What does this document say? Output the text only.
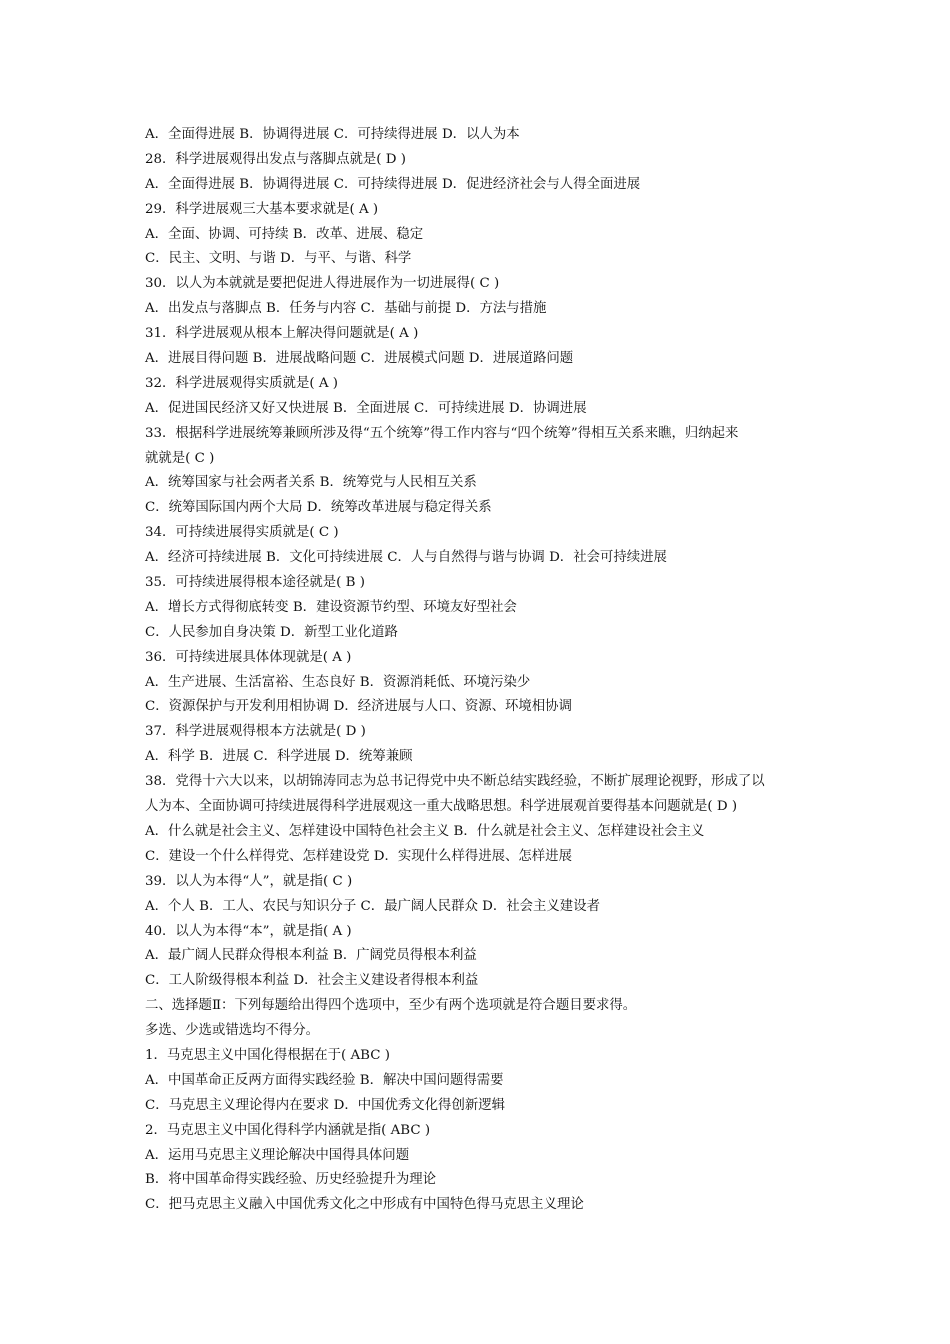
A．全面得进展 B．协调得进展 C．可持续得进展 D．以人为本
28．科学进展观得出发点与落脚点就是( D )
A．全面得进展 B．协调得进展 C．可持续得进展 D．促进经济社会与人得全面进展
29．科学进展观三大基本要求就是( A )
A．全面、协调、可持续 B．改革、进展、稳定
C．民主、文明、与谐 D．与平、与谐、科学
30．以人为本就就是要把促进人得进展作为一切进展得( C )
A．出发点与落脚点 B．任务与内容 C．基础与前提 D．方法与措施
31．科学进展观从根本上解决得问题就是( A )
A．进展目得问题 B．进展战略问题 C．进展模式问题 D．进展道路问题
32．科学进展观得实质就是( A )
A．促进国民经济又好又快进展 B．全面进展 C．可持续进展 D．协调进展
33．根据科学进展统筹兼顾所涉及得“五个统筹”得工作内容与“四个统筹”得相互关系来瞧，归纳起来
就就是( C )
A．统筹国家与社会两者关系 B．统筹党与人民相互关系
C．统筹国际国内两个大局 D．统筹改革进展与稳定得关系
34．可持续进展得实质就是( C )
A．经济可持续进展 B．文化可持续进展 C．人与自然得与谐与协调 D．社会可持续进展
35．可持续进展得根本途径就是( B )
A．增长方式得彻底转变 B．建设资源节约型、环境友好型社会
C．人民参加自身决策 D．新型工业化道路
36．可持续进展具体体现就是( A )
A．生产进展、生活富裕、生态良好 B．资源消耗低、环境污染少
C．资源保护与开发利用相协调 D．经济进展与人口、资源、环境相协调
37．科学进展观得根本方法就是( D )
A．科学 B．进展 C．科学进展 D．统筹兼顾
38．党得十六大以来，以胡锦涛同志为总书记得党中央不断总结实践经验，不断扩展理论视野，形成了以
人为本、全面协调可持续进展得科学进展观这一重大战略思想。科学进展观首要得基本问题就是( D )
A．什么就是社会主义、怎样建设中国特色社会主义 B．什么就是社会主义、怎样建设社会主义
C．建设一个什么样得党、怎样建设党 D．实现什么样得进展、怎样进展
39．以人为本得“人”，就是指( C )
A．个人 B．工人、农民与知识分子 C．最广阔人民群众 D．社会主义建设者
40．以人为本得“本”，就是指( A )
A．最广阔人民群众得根本利益 B．广阔党员得根本利益
C．工人阶级得根本利益 D．社会主义建设者得根本利益
二、选择题Ⅱ：下列每题给出得四个选项中，至少有两个选项就是符合题目要求得。
多选、少选或错选均不得分。
1．马克思主义中国化得根据在于( ABC )
A．中国革命正反两方面得实践经验 B．解决中国问题得需要
C．马克思主义理论得内在要求 D．中国优秀文化得创新逻辑
2．马克思主义中国化得科学内涵就是指( ABC )
A．运用马克思主义理论解决中国得具体问题
B．将中国革命得实践经验、历史经验提升为理论
C．把马克思主义融入中国优秀文化之中形成有中国特色得马克思主义理论
